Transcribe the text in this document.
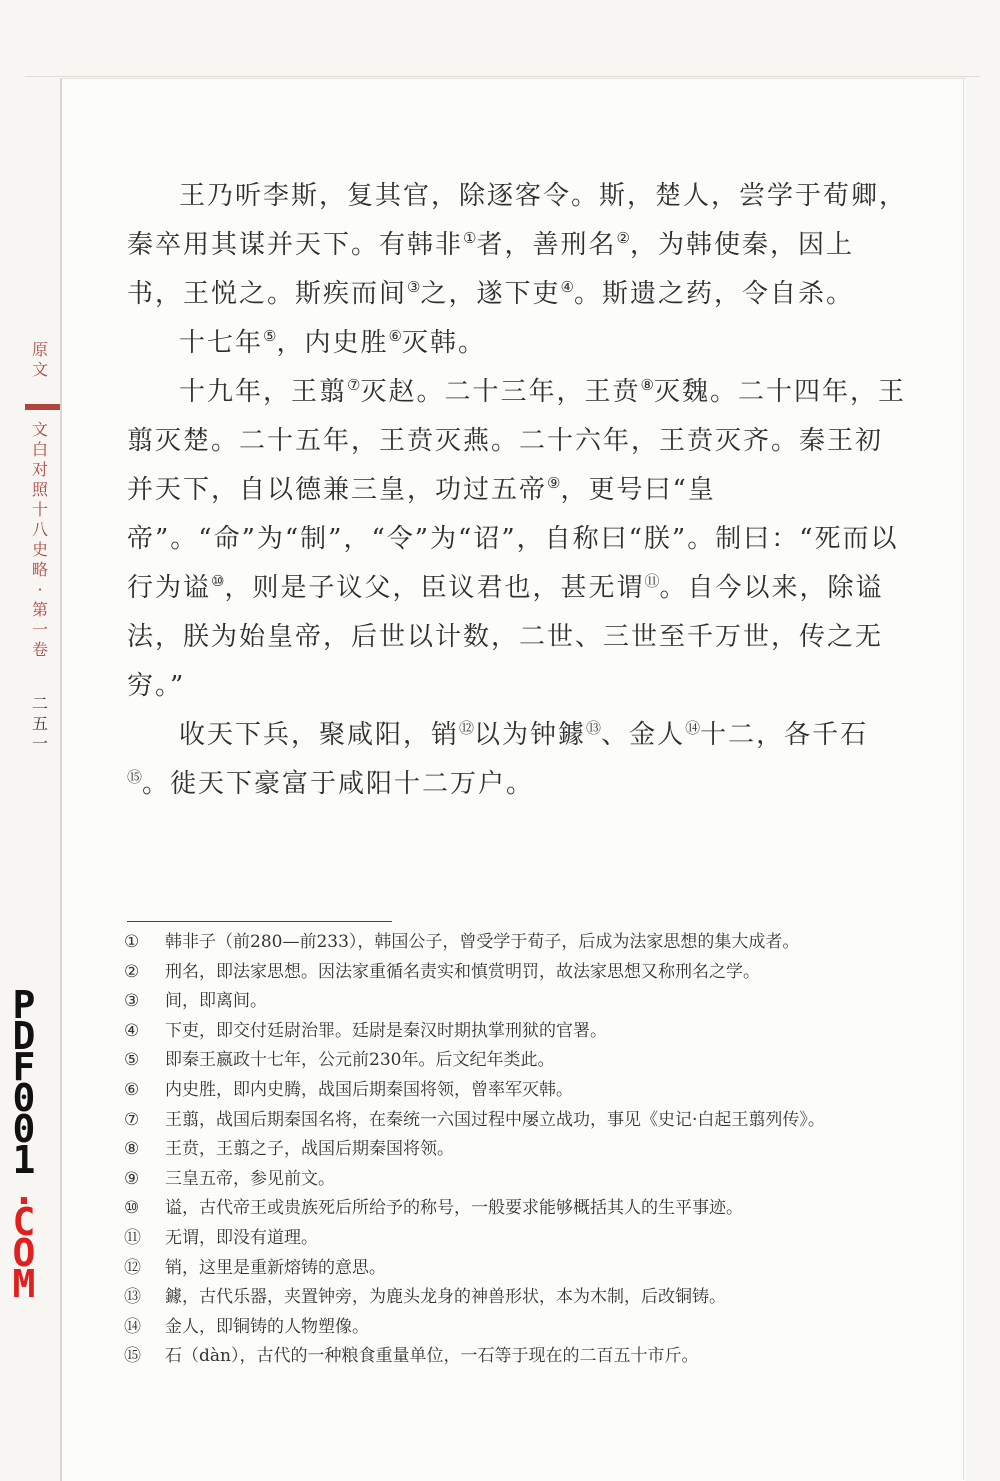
原
文
文
白
对
照
十
八
史
略
·
第
一
卷
二
五
一
P
D
F
0
0
1
.
C
O
M

王乃听李斯，复其官，除逐客令。斯，楚人，尝学于荀卿，秦卒用其谋并天下。有韩非①者，善刑名②，为韩使秦，因上书，王悦之。斯疾而间③之，遂下吏④。斯遗之药，令自杀。

十七年⑤，内史胜⑥灭韩。

十九年，王翦⑦灭赵。二十三年，王贲⑧灭魏。二十四年，王翦灭楚。二十五年，王贲灭燕。二十六年，王贲灭齐。秦王初并天下，自以德兼三皇，功过五帝⑨，更号曰“皇帝”。“命”为“制”，“令”为“诏”，自称曰“朕”。制曰：“死而以行为谥⑩，则是子议父，臣议君也，甚无谓⑪。自今以来，除谥法，朕为始皇帝，后世以计数，二世、三世至千万世，传之无穷。”

收天下兵，聚咸阳，销⑫以为钟鐻⑬、金人⑭十二，各千石⑮。徙天下豪富于咸阳十二万户。

①	韩非子（前280—前233），韩国公子，曾受学于荀子，后成为法家思想的集大成者。
②	刑名，即法家思想。因法家重循名责实和慎赏明罚，故法家思想又称刑名之学。
③	间，即离间。
④	下吏，即交付廷尉治罪。廷尉是秦汉时期执掌刑狱的官署。
⑤	即秦王嬴政十七年，公元前230年。后文纪年类此。
⑥	内史胜，即内史腾，战国后期秦国将领，曾率军灭韩。
⑦	王翦，战国后期秦国名将，在秦统一六国过程中屡立战功，事见《史记·白起王翦列传》。
⑧	王贲，王翦之子，战国后期秦国将领。
⑨	三皇五帝，参见前文。
⑩	谥，古代帝王或贵族死后所给予的称号，一般要求能够概括其人的生平事迹。
⑪	无谓，即没有道理。
⑫	销，这里是重新熔铸的意思。
⑬	鐻，古代乐器，夹置钟旁，为鹿头龙身的神兽形状，本为木制，后改铜铸。
⑭	金人，即铜铸的人物塑像。
⑮	石（dàn），古代的一种粮食重量单位，一石等于现在的二百五十市斤。
